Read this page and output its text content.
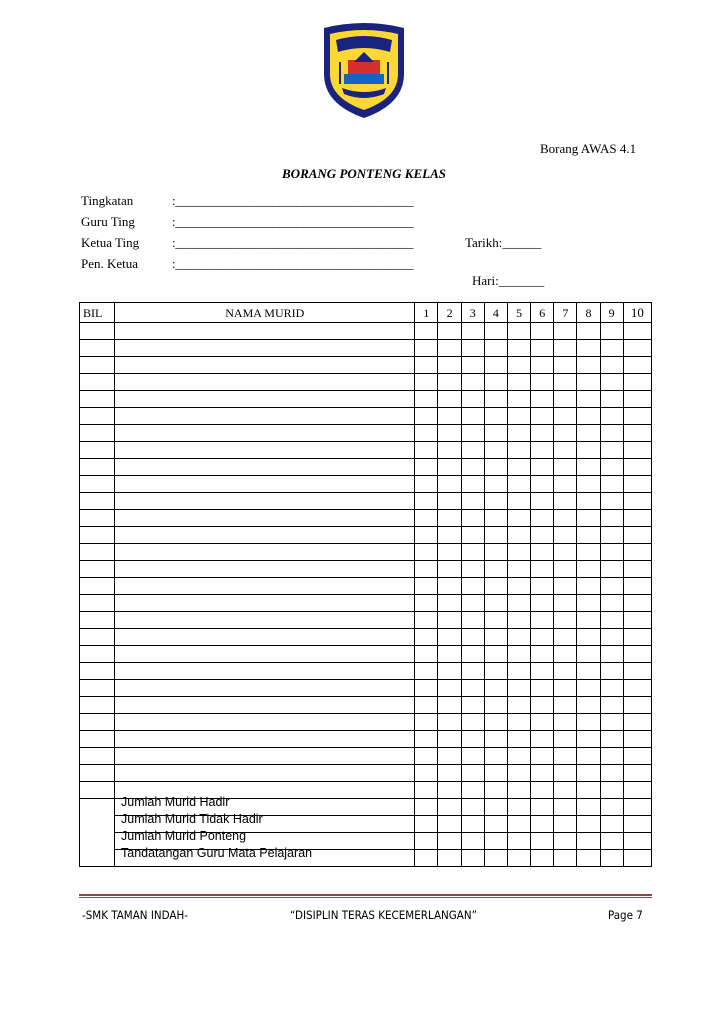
Borang AWAS 4.1
BORANG PONTENG KELAS
Tingkatan	:_______________________________________
Guru Ting	:_______________________________________
Ketua Ting	:_______________________________________
Pen. Ketua	:_______________________________________
Tarikh:______
Hari:_______
BIL	NAMA MURID	1	2	3	4	5	6	7	8	9	10

Jumlah Murid Hadir
Jumlah Murid Tidak Hadir
Jumlah Murid Ponteng
Tandatangan Guru Mata Pelajaran
-SMK TAMAN INDAH-	“DISIPLIN TERAS KECEMERLANGAN”	Page 7
